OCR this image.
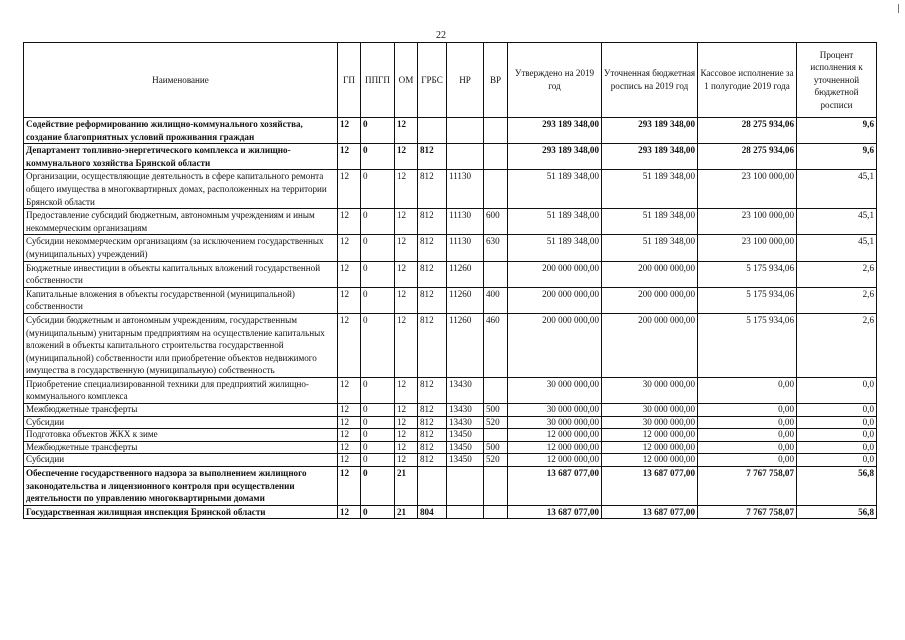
22
Наименование	ГП	ППГП	ОМ	ГРБС	НР	ВР	Утверждено на 2019 год	Уточненная бюджетная роспись на 2019 год	Кассовое исполнение за 1 полугодие 2019 года	Процент исполнения к уточненной бюджетной росписи
Содействие реформированию жилищно-коммунального хозяйства, создание благоприятных условий проживания граждан	12	0	12				293 189 348,00	293 189 348,00	28 275 934,06	9,6
Департамент топливно-энергетического комплекса и жилищно-коммунального хозяйства Брянской области	12	0	12	812			293 189 348,00	293 189 348,00	28 275 934,06	9,6
Организации, осуществляющие деятельность в сфере капитального ремонта общего имущества в многоквартирных домах, расположенных на территории Брянской области	12	0	12	812	11130		51 189 348,00	51 189 348,00	23 100 000,00	45,1
Предоставление субсидий бюджетным, автономным учреждениям и иным некоммерческим организациям	12	0	12	812	11130	600	51 189 348,00	51 189 348,00	23 100 000,00	45,1
Субсидии некоммерческим организациям (за исключением государственных (муниципальных) учреждений)	12	0	12	812	11130	630	51 189 348,00	51 189 348,00	23 100 000,00	45,1
Бюджетные инвестиции в объекты капитальных вложений государственной собственности	12	0	12	812	11260		200 000 000,00	200 000 000,00	5 175 934,06	2,6
Капитальные вложения в объекты государственной (муниципальной) собственности	12	0	12	812	11260	400	200 000 000,00	200 000 000,00	5 175 934,06	2,6
Субсидии бюджетным и автономным учреждениям, государственным (муниципальным) унитарным предприятиям на осуществление капитальных вложений в объекты капитального строительства государственной (муниципальной) собственности или приобретение объектов недвижимого имущества в государственную (муниципальную) собственность	12	0	12	812	11260	460	200 000 000,00	200 000 000,00	5 175 934,06	2,6
Приобретение специализированной техники для предприятий жилищно-коммунального комплекса	12	0	12	812	13430		30 000 000,00	30 000 000,00	0,00	0,0
Межбюджетные трансферты	12	0	12	812	13430	500	30 000 000,00	30 000 000,00	0,00	0,0
Субсидии	12	0	12	812	13430	520	30 000 000,00	30 000 000,00	0,00	0,0
Подготовка объектов ЖКХ к зиме	12	0	12	812	13450		12 000 000,00	12 000 000,00	0,00	0,0
Межбюджетные трансферты	12	0	12	812	13450	500	12 000 000,00	12 000 000,00	0,00	0,0
Субсидии	12	0	12	812	13450	520	12 000 000,00	12 000 000,00	0,00	0,0
Обеспечение государственного надзора за выполнением жилищного законодательства и лицензионного контроля при осуществлении деятельности по управлению многоквартирными домами	12	0	21				13 687 077,00	13 687 077,00	7 767 758,07	56,8
Государственная жилищная инспекция Брянской области	12	0	21	804			13 687 077,00	13 687 077,00	7 767 758,07	56,8
